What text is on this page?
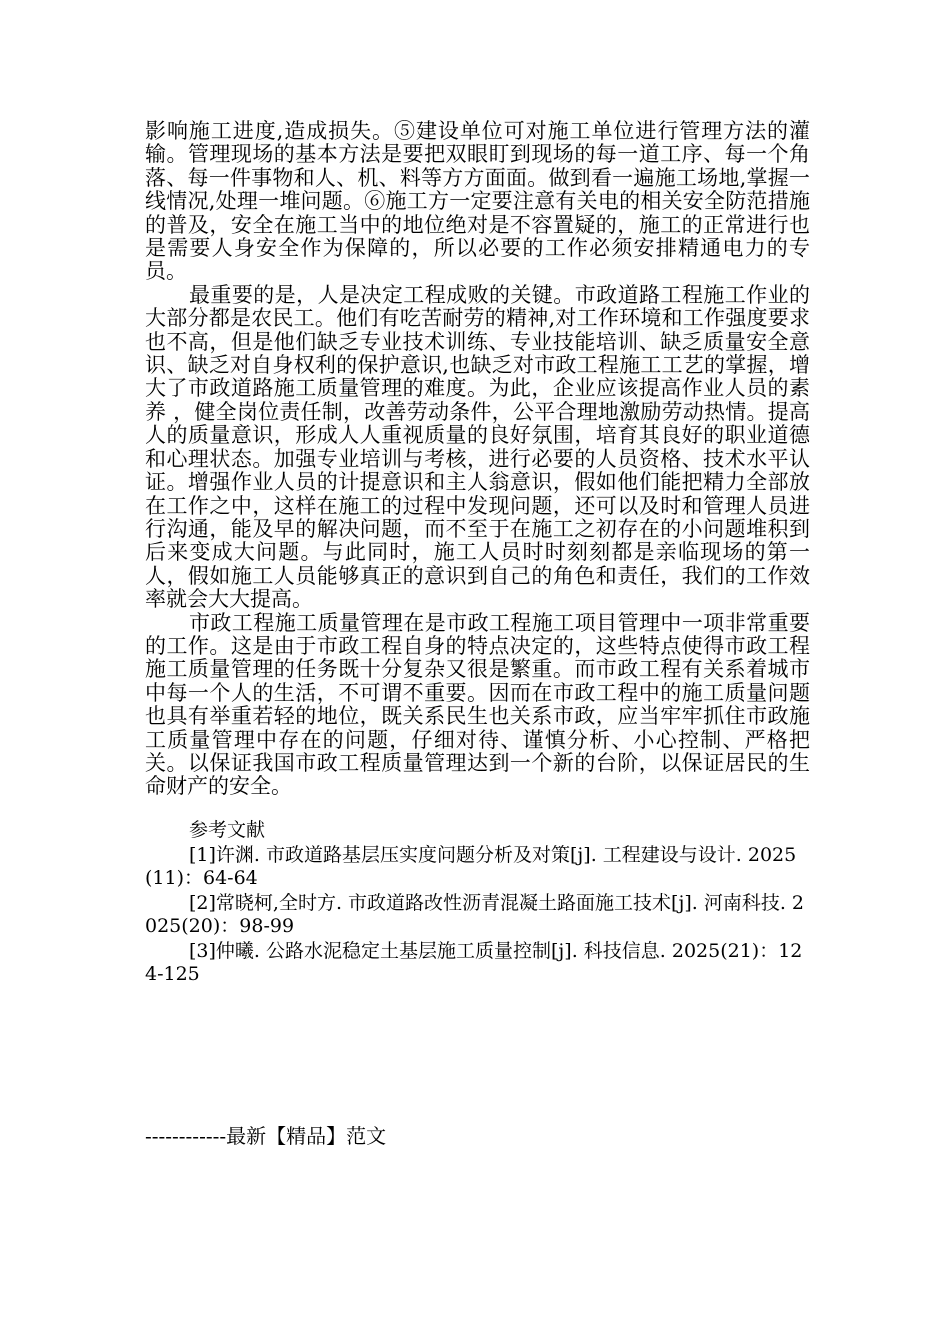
影响施工进度,造成损失。⑤建设单位可对施工单位进行管理方法的灌输。管理现场的基本方法是要把双眼盯到现场的每一道工序、每一个角落、每一件事物和人、机、料等方方面面。做到看一遍施工场地,掌握一线情况,处理一堆问题。⑥施工方一定要注意有关电的相关安全防范措施的普及，安全在施工当中的地位绝对是不容置疑的，施工的正常进行也是需要人身安全作为保障的，所以必要的工作必须安排精通电力的专员。

最重要的是，人是决定工程成败的关键。市政道路工程施工作业的大部分都是农民工。他们有吃苦耐劳的精神,对工作环境和工作强度要求也不高，但是他们缺乏专业技术训练、专业技能培训、缺乏质量安全意识、缺乏对自身权利的保护意识,也缺乏对市政工程施工工艺的掌握，增大了市政道路施工质量管理的难度。为此，企业应该提高作业人员的素养 ，健全岗位责任制，改善劳动条件，公平合理地激励劳动热情。提高人的质量意识，形成人人重视质量的良好氛围，培育其良好的职业道德和心理状态。加强专业培训与考核，进行必要的人员资格、技术水平认证。增强作业人员的计提意识和主人翁意识，假如他们能把精力全部放在工作之中，这样在施工的过程中发现问题，还可以及时和管理人员进行沟通，能及早的解决问题，而不至于在施工之初存在的小问题堆积到后来变成大问题。与此同时，施工人员时时刻刻都是亲临现场的第一人，假如施工人员能够真正的意识到自己的角色和责任，我们的工作效率就会大大提高。

市政工程施工质量管理在是市政工程施工项目管理中一项非常重要的工作。这是由于市政工程自身的特点决定的，这些特点使得市政工程施工质量管理的任务既十分复杂又很是繁重。而市政工程有关系着城市中每一个人的生活，不可谓不重要。因而在市政工程中的施工质量问题也具有举重若轻的地位，既关系民生也关系市政，应当牢牢抓住市政施工质量管理中存在的问题，仔细对待、谨慎分析、小心控制、严格把关。以保证我国市政工程质量管理达到一个新的台阶，以保证居民的生命财产的安全。

参考文献

[1]许渊. 市政道路基层压实度问题分析及对策[j]. 工程建设与设计. 2025(11)：64-64

[2]常晓柯,全时方. 市政道路改性沥青混凝土路面施工技术[j]. 河南科技. 2025(20)：98-99

[3]仲曦. 公路水泥稳定土基层施工质量控制[j]. 科技信息. 2025(21)：124-125

------------最新【精品】范文
